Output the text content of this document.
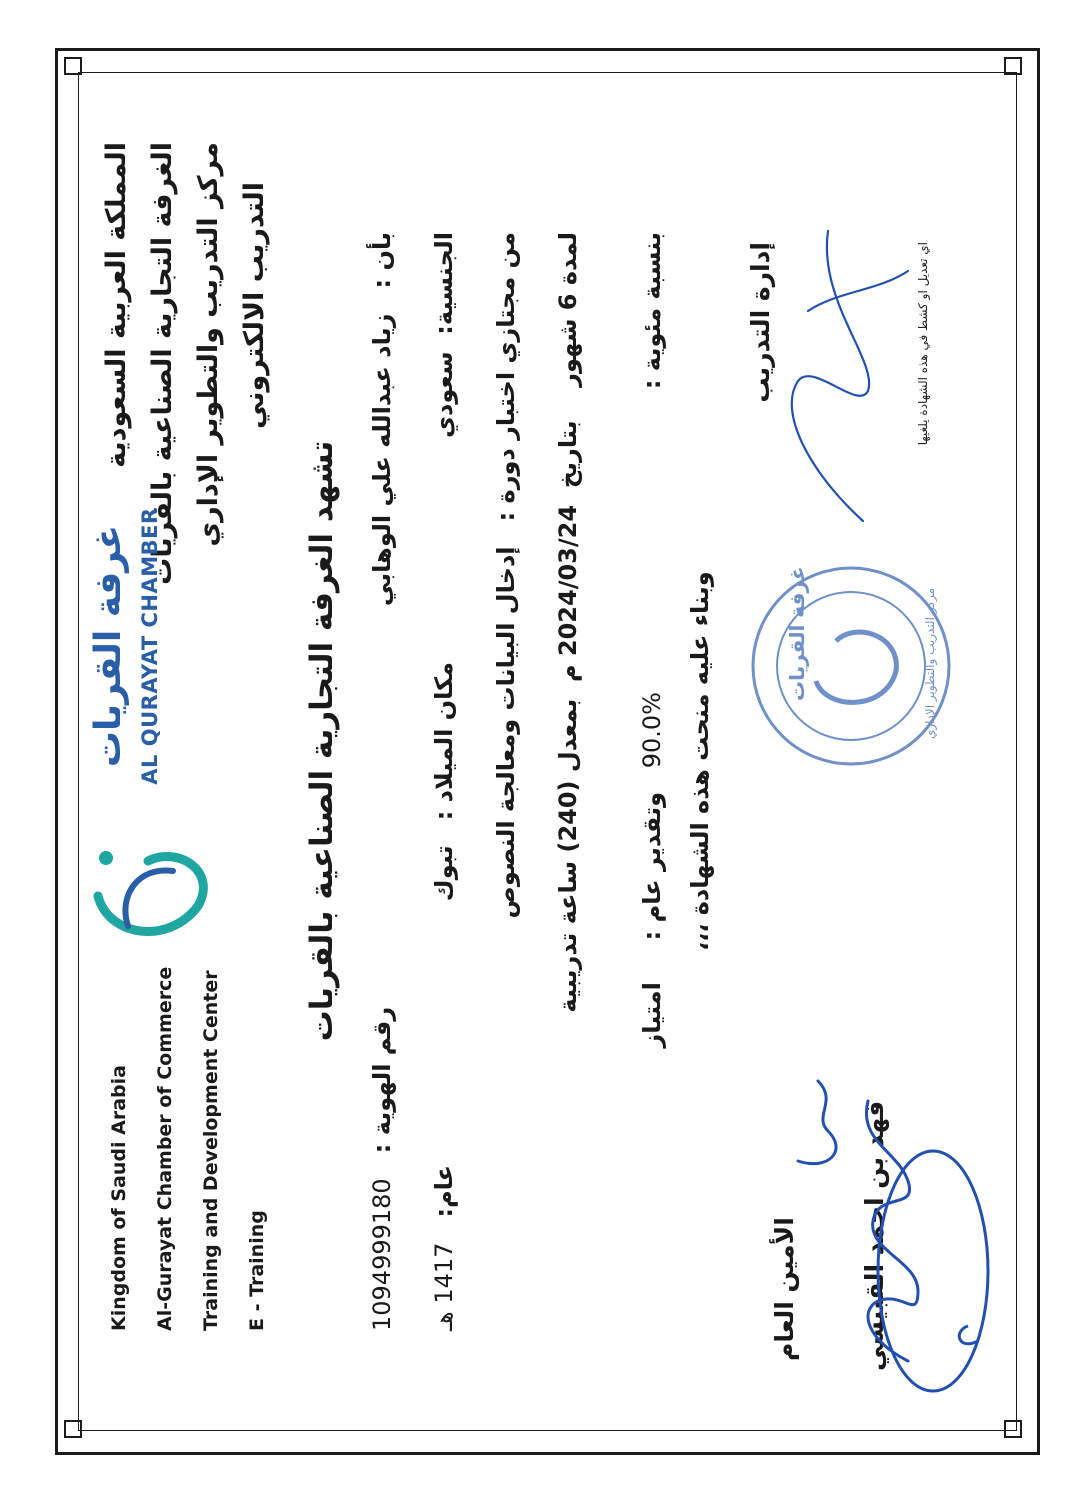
المملكة العربية السعودية الغرفة التجارية الصناعية بالقريات مركز التدريب والتطوير الإداري التدريب الالكتروني
غرفة القريات AL QURAYAT CHAMBER
Kingdom of Saudi Arabia	Al-Gurayat Chamber of Commerce	Training and Development Center	E - Training
تشهد الغرفة التجارية الصناعية بالقريات
بأن :   زياد عبدالله علي الوهابي
رقم الهوية :   1094999180
الجنسية:  سعودي
مكان الميلاد :   تبوك
عام:   1417 هـ
من مجتازي اختبار دورة :   إدخال البيانات ومعالجة النصوص
لمدة 6 شهور    بتاريخ  2024/03/24 م  بمعدل (240) ساعة تدريبية
بنسبة مئوية :
90.0%
وتقدير عام :     امتياز
وبناء عليه منحت هذه الشهادة ،،،
إدارة التدريب
غرفة القريات	مركز التدريب والتطوير الإداري
الأمين العام فهد بن احمد القبيسي
اي تعديل او كشط في هذه الشهادة يلغيها
